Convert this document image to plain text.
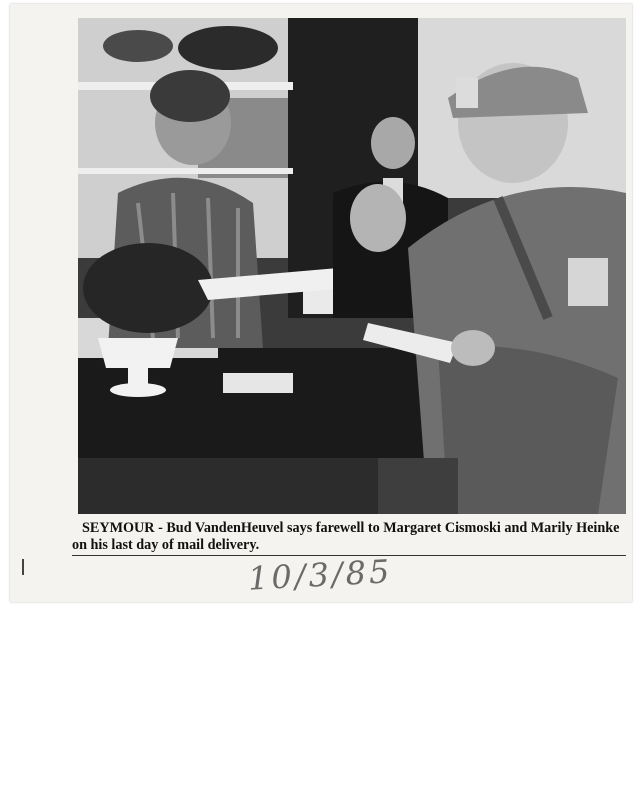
SEYMOUR - Bud VandenHeuvel says farewell to Margaret Cismoski and Marily Heinke on his last day of mail delivery.
10/3/85
